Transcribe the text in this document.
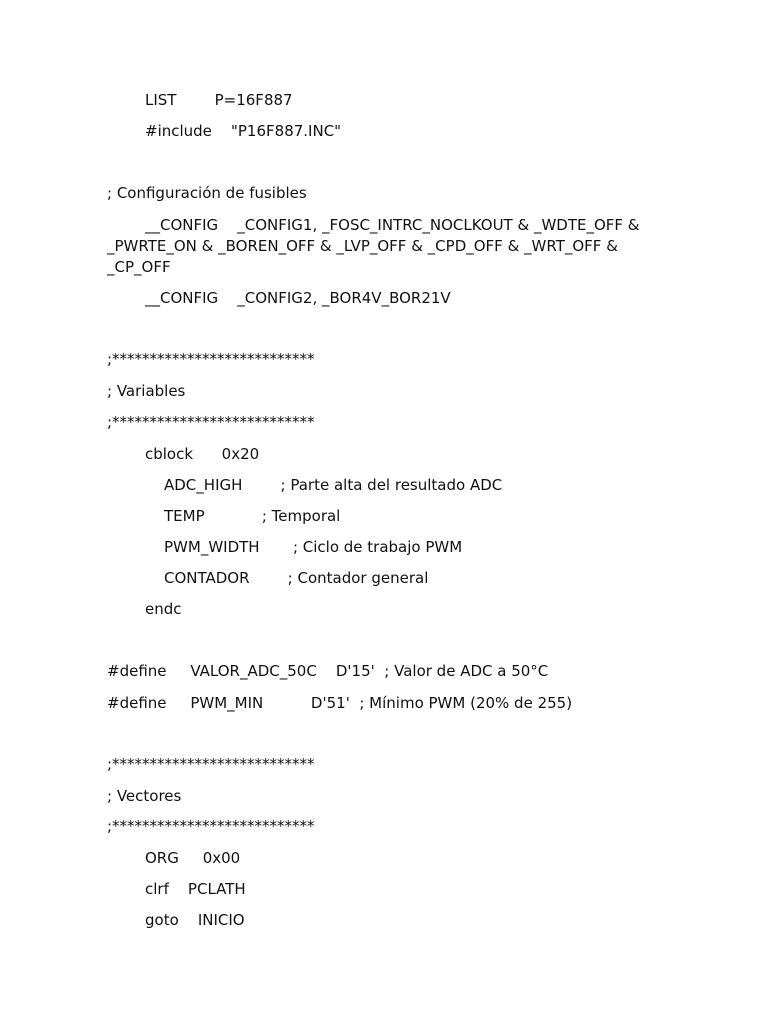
LIST        P=16F887

#include    "P16F887.INC"

; Configuración de fusibles

__CONFIG    _CONFIG1, _FOSC_INTRC_NOCLKOUT & _WDTE_OFF &

_PWRTE_ON & _BOREN_OFF & _LVP_OFF & _CPD_OFF & _WRT_OFF &

_CP_OFF

__CONFIG    _CONFIG2, _BOR4V_BOR21V

;***************************

; Variables

;***************************

cblock      0x20

ADC_HIGH        ; Parte alta del resultado ADC

TEMP            ; Temporal

PWM_WIDTH       ; Ciclo de trabajo PWM

CONTADOR        ; Contador general

endc

#define     VALOR_ADC_50C    D'15'  ; Valor de ADC a 50°C

#define     PWM_MIN          D'51'  ; Mínimo PWM (20% de 255)

;***************************

; Vectores

;***************************

ORG     0x00

clrf    PCLATH

goto    INICIO
